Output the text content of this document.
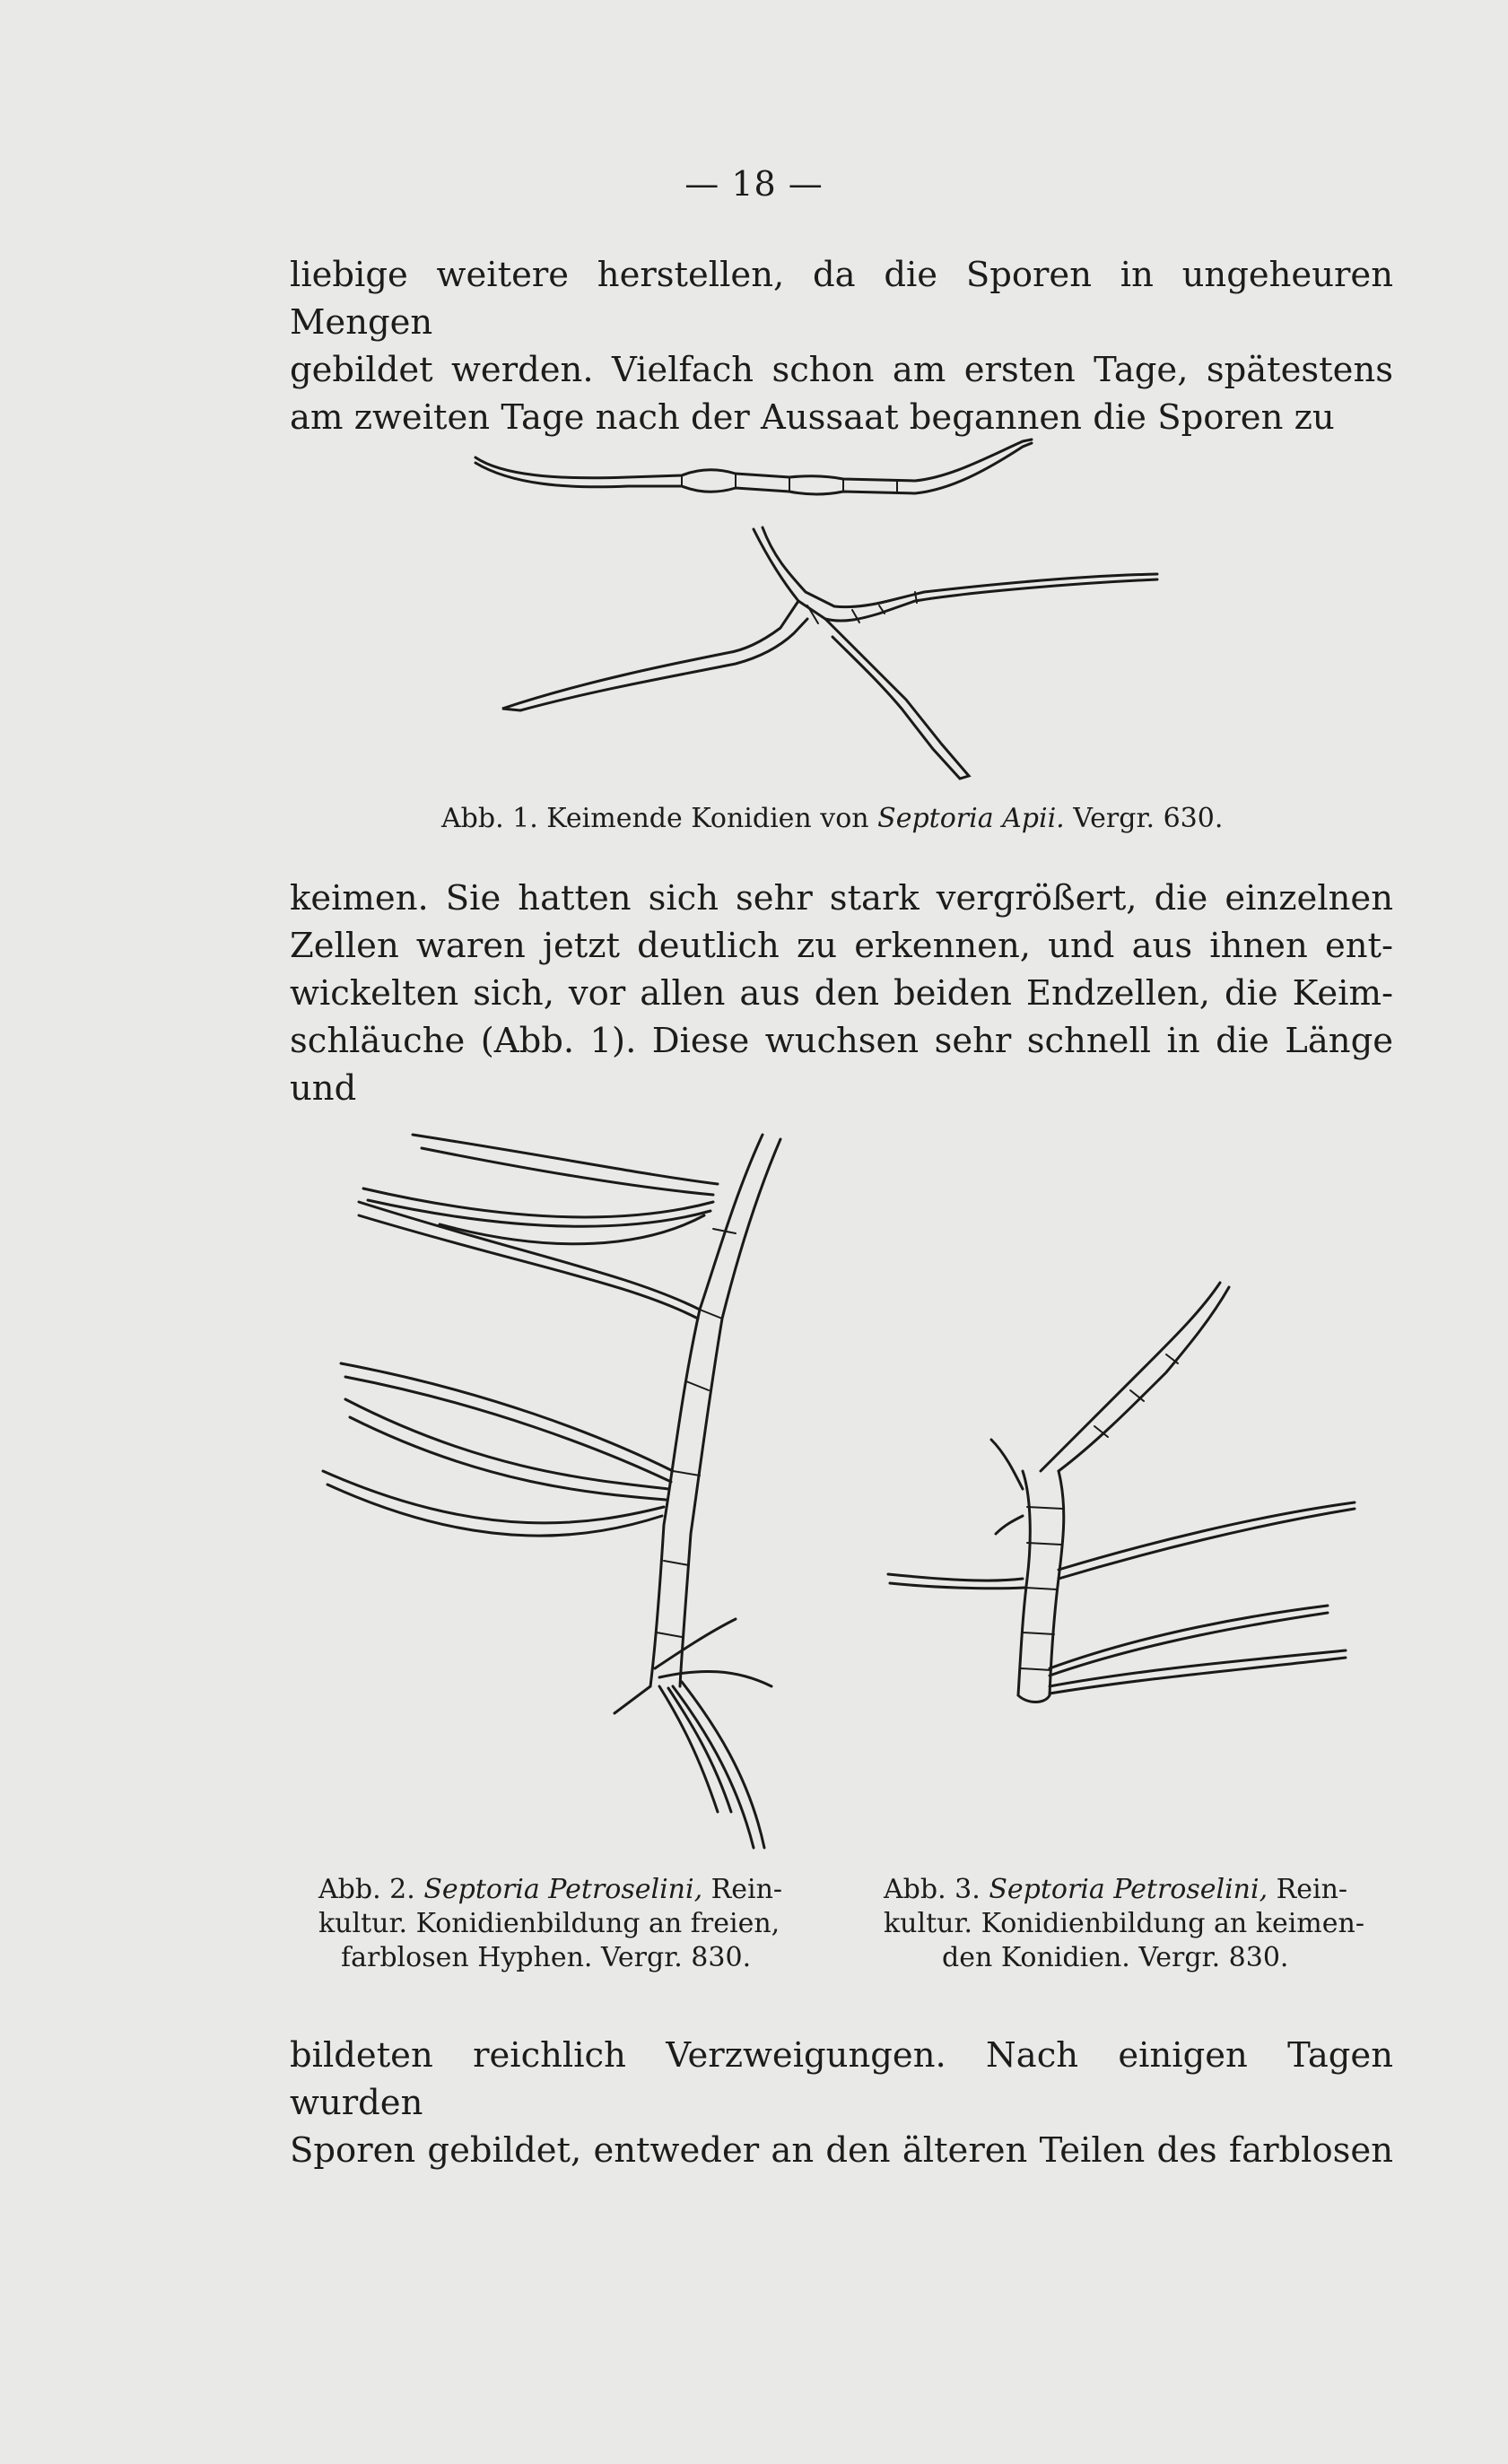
— 18 —

liebige weitere herstellen, da die Sporen in ungeheuren Mengen
gebildet werden. Vielfach schon am ersten Tage, spätestens
am zweiten Tage nach der Aussaat begannen die Sporen zu

Abb. 1. Keimende Konidien von Septoria Apii. Vergr. 630.

keimen. Sie hatten sich sehr stark vergrößert, die einzelnen
Zellen waren jetzt deutlich zu erkennen, und aus ihnen ent-
wickelten sich, vor allen aus den beiden Endzellen, die Keim-
schläuche (Abb. 1). Diese wuchsen sehr schnell in die Länge und

Abb. 2. Septoria Petroselini, Rein-
kultur. Konidienbildung an freien,
farblosen Hyphen. Vergr. 830.
Abb. 3. Septoria Petroselini, Rein-
kultur. Konidienbildung an keimen-
den Konidien. Vergr. 830.

bildeten reichlich Verzweigungen. Nach einigen Tagen wurden
Sporen gebildet, entweder an den älteren Teilen des farblosen
